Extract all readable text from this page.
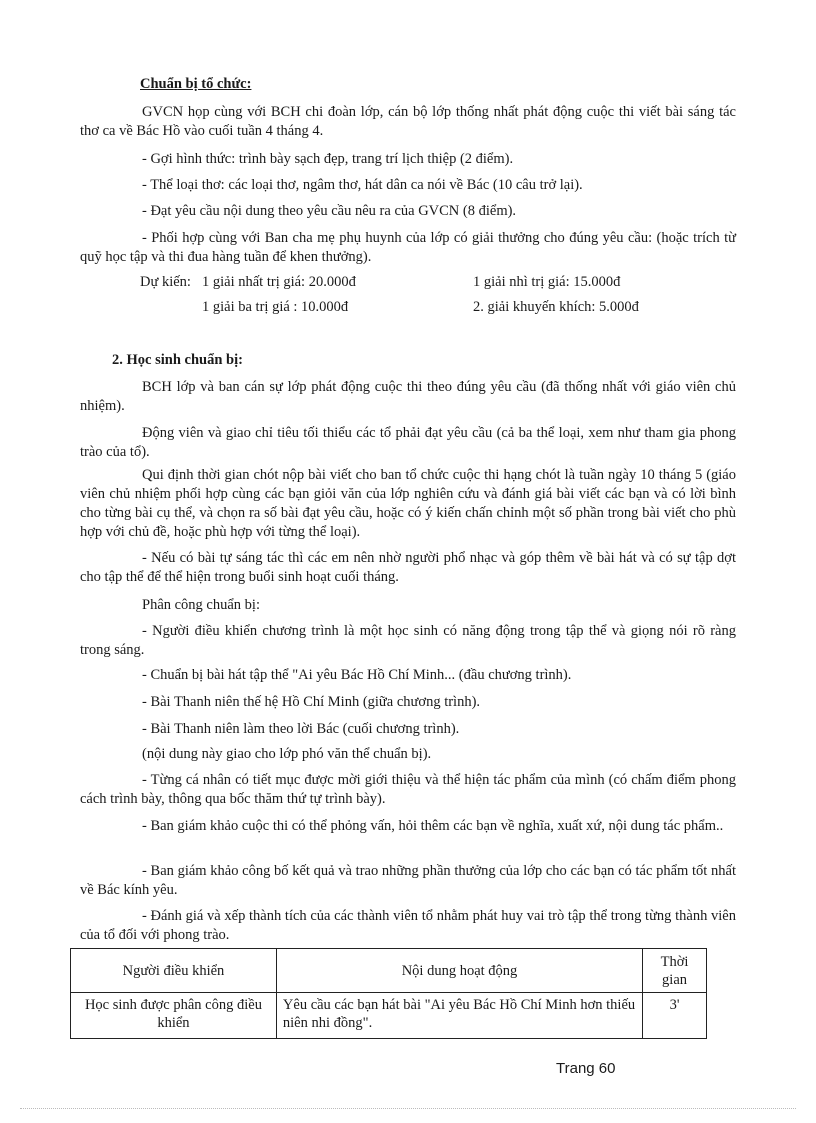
Chuẩn bị tổ chức:
GVCN họp cùng với BCH chi đoàn lớp, cán bộ lớp thống nhất phát động cuộc thi viết bài sáng tác thơ ca về Bác Hồ vào cuối tuần 4 tháng 4.
- Gợi hình thức: trình bày sạch đẹp, trang trí lịch thiệp (2 điểm).
- Thể loại thơ: các loại thơ, ngâm thơ, hát dân ca nói về Bác (10 câu trở lại).
- Đạt yêu cầu nội dung theo yêu cầu nêu ra của GVCN (8 điểm).
- Phối hợp cùng với Ban cha mẹ phụ huynh của lớp có giải thưởng cho đúng yêu cầu: (hoặc trích từ quỹ học tập và thi đua hàng tuần để khen thưởng).
Dự kiến: 1 giải nhất trị giá: 20.000đ	1 giải nhì trị giá: 15.000đ
1 giải ba trị giá : 10.000đ	2. giải khuyến khích: 5.000đ
2. Học sinh chuẩn bị:
BCH lớp và ban cán sự lớp phát động cuộc thi theo đúng yêu cầu (đã thống nhất với giáo viên chủ nhiệm).
Động viên và giao chỉ tiêu tối thiểu các tổ phải đạt yêu cầu (cả ba thể loại, xem như tham gia phong trào của tổ).
Qui định thời gian chót nộp bài viết cho ban tổ chức cuộc thi hạng chót là tuần ngày 10 tháng 5 (giáo viên chủ nhiệm phối hợp cùng các bạn giỏi văn của lớp nghiên cứu và đánh giá bài viết các bạn và có lời bình cho từng bài cụ thể, và chọn ra số bài đạt yêu cầu, hoặc có ý kiến chấn chỉnh một số phần trong bài viết cho phù hợp với chủ đề, hoặc phù hợp với từng thể loại).
- Nếu có bài tự sáng tác thì các em nên nhờ người phổ nhạc và góp thêm về bài hát và có sự tập dợt cho tập thể để thể hiện trong buổi sinh hoạt cuối tháng.
Phân công chuẩn bị:
- Người điều khiển chương trình là một học sinh có năng động trong tập thể và giọng nói rõ ràng trong sáng.
- Chuẩn bị bài hát tập thể "Ai yêu Bác Hồ Chí Minh... (đầu chương trình).
- Bài Thanh niên thế hệ Hồ Chí Minh (giữa chương trình).
- Bài Thanh niên làm theo lời Bác (cuối chương trình).
(nội dung này giao cho lớp phó văn thể chuẩn bị).
- Từng cá nhân có tiết mục được mời giới thiệu và thể hiện tác phẩm của mình (có chấm điểm phong cách trình bày, thông qua bốc thăm thứ tự trình bày).
- Ban giám khảo cuộc thi có thể phỏng vấn, hỏi thêm các bạn về nghĩa, xuất xứ, nội dung tác phẩm..
- Ban giám khảo công bố kết quả và trao những phần thưởng của lớp cho các bạn có tác phẩm tốt nhất về Bác kính yêu.
- Đánh giá và xếp thành tích của các thành viên tổ nhằm phát huy vai trò tập thể trong từng thành viên của tổ đối với phong trào.
Người điều khiển	Nội dung hoạt động	Thời gian
Học sinh được phân công điều khiển	Yêu cầu các bạn hát bài "Ai yêu Bác Hồ Chí Minh hơn thiếu niên nhi đồng".	3'
Trang 60
